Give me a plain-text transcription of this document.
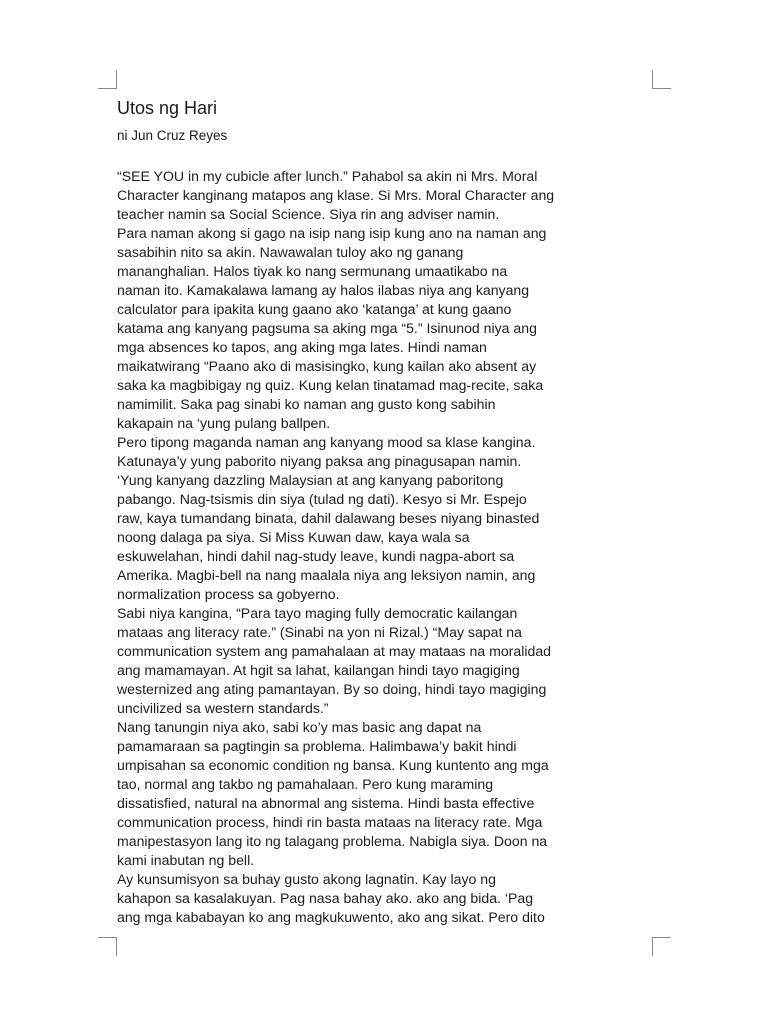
Utos ng Hari
ni Jun Cruz Reyes
“SEE YOU in my cubicle after lunch.” Pahabol sa akin ni Mrs. Moral
Character kanginang matapos ang klase. Si Mrs. Moral Character ang
teacher namin sa Social Science. Siya rin ang adviser namin.
Para naman akong si gago na isip nang isip kung ano na naman ang
sasabihin nito sa akin. Nawawalan tuloy ako ng ganang
mananghalian. Halos tiyak ko nang sermunang umaatikabo na
naman ito. Kamakalawa lamang ay halos ilabas niya ang kanyang
calculator para ipakita kung gaano ako ‘katanga’ at kung gaano
katama ang kanyang pagsuma sa aking mga “5.” Isinunod niya ang
mga absences ko tapos, ang aking mga lates. Hindi naman
maikatwirang “Paano ako di masisingko, kung kailan ako absent ay
saka ka magbibigay ng quiz. Kung kelan tinatamad mag-recite, saka
namimilit. Saka pag sinabi ko naman ang gusto kong sabihin
kakapain na ‘yung pulang ballpen.
Pero tipong maganda naman ang kanyang mood sa klase kangina.
Katunaya’y yung paborito niyang paksa ang pinagusapan namin.
‘Yung kanyang dazzling Malaysian at ang kanyang paboritong
pabango. Nag-tsismis din siya (tulad ng dati). Kesyo si Mr. Espejo
raw, kaya tumandang binata, dahil dalawang beses niyang binasted
noong dalaga pa siya. Si Miss Kuwan daw, kaya wala sa
eskuwelahan, hindi dahil nag-study leave, kundi nagpa-abort sa
Amerika. Magbi-bell na nang maalala niya ang leksiyon namin, ang
normalization process sa gobyerno.
Sabi niya kangina, “Para tayo maging fully democratic kailangan
mataas ang literacy rate.” (Sinabi na yon ni Rizal.) “May sapat na
communication system ang pamahalaan at may mataas na moralidad
ang mamamayan. At hgit sa lahat, kailangan hindi tayo magiging
westernized ang ating pamantayan. By so doing, hindi tayo magiging
uncivilized sa western standards.”
Nang tanungin niya ako, sabi ko’y mas basic ang dapat na
pamamaraan sa pagtingin sa problema. Halimbawa’y bakit hindi
umpisahan sa economic condition ng bansa. Kung kuntento ang mga
tao, normal ang takbo ng pamahalaan. Pero kung maraming
dissatisfied, natural na abnormal ang sistema. Hindi basta effective
communication process, hindi rin basta mataas na literacy rate. Mga
manipestasyon lang ito ng talagang problema. Nabigla siya. Doon na
kami inabutan ng bell.
Ay kunsumisyon sa buhay gusto akong lagnatin. Kay layo ng
kahapon sa kasalakuyan. Pag nasa bahay ako. ako ang bida. ‘Pag
ang mga kababayan ko ang magkukuwento, ako ang sikat. Pero dito
